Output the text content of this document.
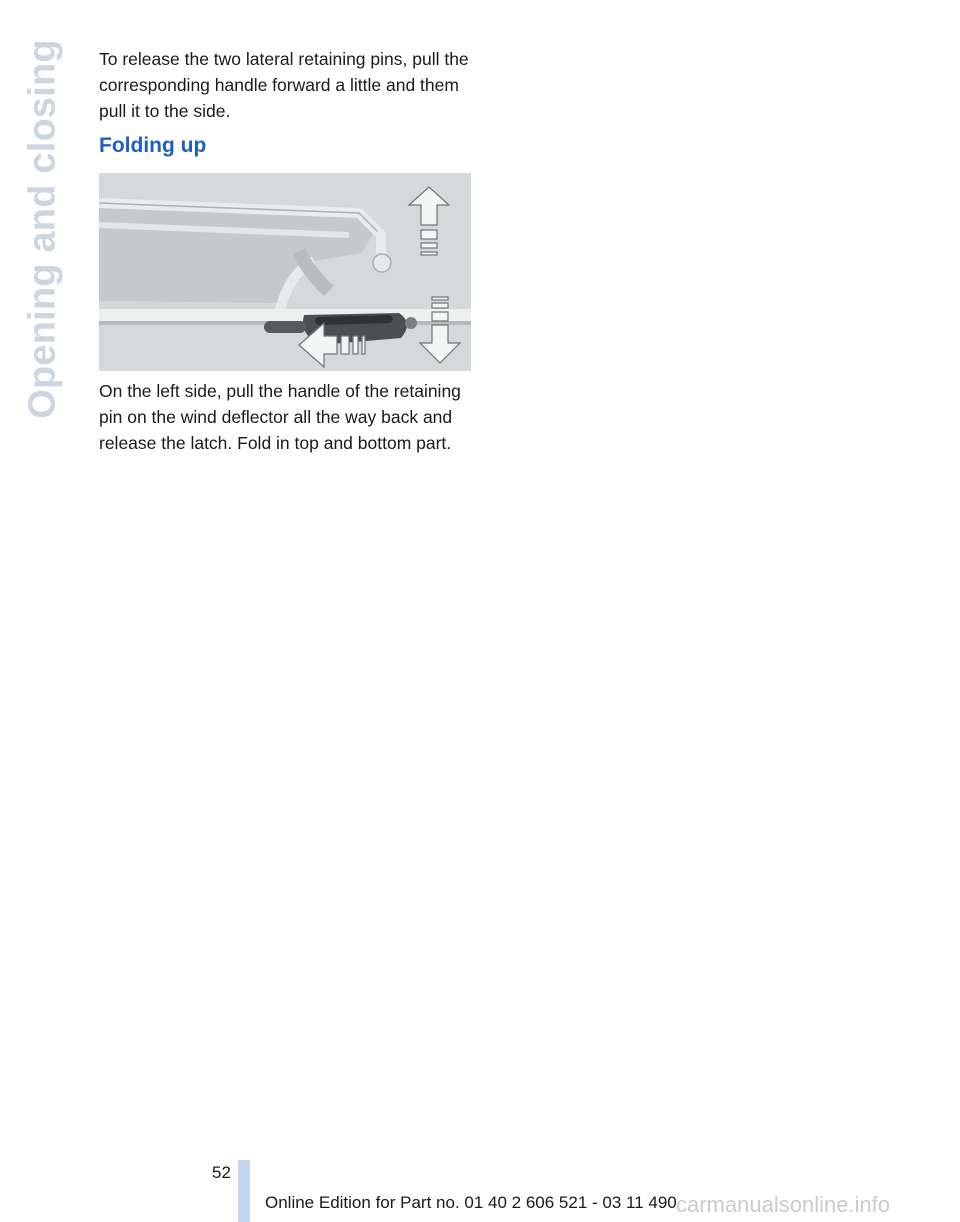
Opening and closing To release the two lateral retaining pins, pull the corresponding handle forward a little and them pull it to the side.

Folding up

On the left side, pull the handle of the retaining pin on the wind deflector all the way back and release the latch. Fold in top and bottom part.

52
Online Edition for Part no. 01 40 2 606 521 - 03 11 490 carmanualsonline.info
